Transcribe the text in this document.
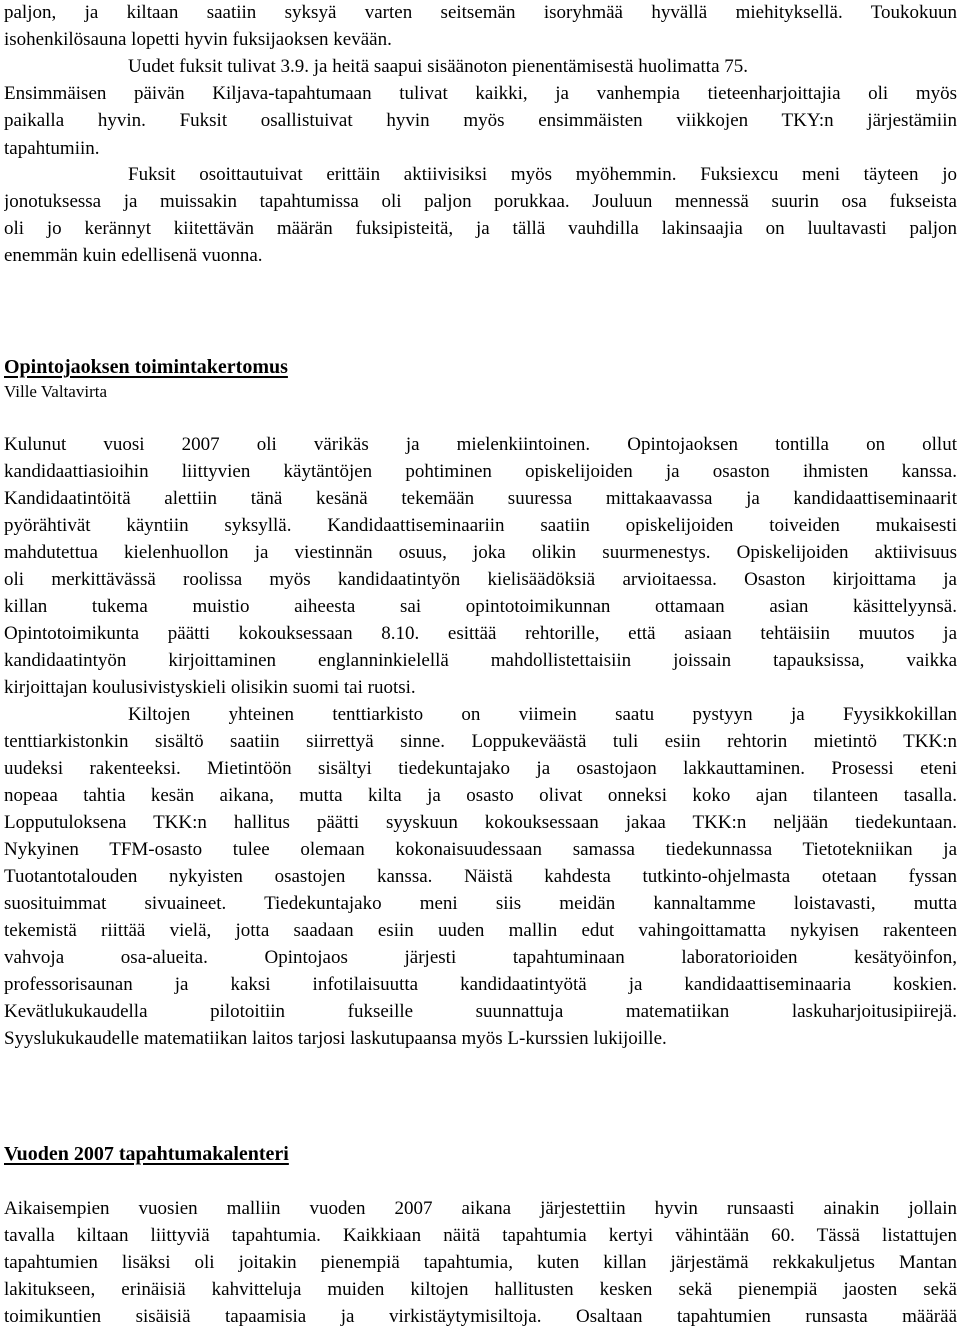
paljon, ja kiltaan saatiin syksyä varten seitsemän isoryhmää hyvällä miehityksellä. Toukokuun
isohenkilösauna lopetti hyvin fuksijaoksen kevään.
Uudet fuksit tulivat 3.9. ja heitä saapui sisäänoton pienentämisestä huolimatta 75.
Ensimmäisen päivän Kiljava-tapahtumaan tulivat kaikki, ja vanhempia tieteenharjoittajia oli myös
paikalla hyvin. Fuksit osallistuivat hyvin myös ensimmäisten viikkojen TKY:n järjestämiin
tapahtumiin.
Fuksit osoittautuivat erittäin aktiivisiksi myös myöhemmin. Fuksiexcu meni täyteen jo
jonotuksessa ja muissakin tapahtumissa oli paljon porukkaa. Jouluun mennessä suurin osa fukseista
oli jo kerännyt kiitettävän määrän fuksipisteitä, ja tällä vauhdilla lakinsaajia on luultavasti paljon
enemmän kuin edellisenä vuonna.
Opintojaoksen toimintakertomus
Ville Valtavirta
Kulunut vuosi 2007 oli värikäs ja mielenkiintoinen. Opintojaoksen tontilla on ollut
kandidaattiasioihin liittyvien käytäntöjen pohtiminen opiskelijoiden ja osaston ihmisten kanssa.
Kandidaatintöitä alettiin tänä kesänä tekemään suuressa mittakaavassa ja kandidaattiseminaarit
pyörähtivät käyntiin syksyllä. Kandidaattiseminaariin saatiin opiskelijoiden toiveiden mukaisesti
mahdutettua kielenhuollon ja viestinnän osuus, joka olikin suurmenestys. Opiskelijoiden aktiivisuus
oli merkittävässä roolissa myös kandidaatintyön kielisäädöksiä arvioitaessa. Osaston kirjoittama ja
killan tukema muistio aiheesta sai opintotoimikunnan ottamaan asian käsittelyynsä.
Opintotoimikunta päätti kokouksessaan 8.10. esittää rehtorille, että asiaan tehtäisiin muutos ja
kandidaatintyön kirjoittaminen englanninkielellä mahdollistettaisiin joissain tapauksissa, vaikka
kirjoittajan koulusivistyskieli olisikin suomi tai ruotsi.
Kiltojen yhteinen tenttiarkisto on viimein saatu pystyyn ja Fyysikkokillan
tenttiarkistonkin sisältö saatiin siirrettyä sinne. Loppukeväästä tuli esiin rehtorin mietintö TKK:n
uudeksi rakenteeksi. Mietintöön sisältyi tiedekuntajako ja osastojaon lakkauttaminen. Prosessi eteni
nopeaa tahtia kesän aikana, mutta kilta ja osasto olivat onneksi koko ajan tilanteen tasalla.
Lopputuloksena TKK:n hallitus päätti syyskuun kokouksessaan jakaa TKK:n neljään tiedekuntaan.
Nykyinen TFM-osasto tulee olemaan kokonaisuudessaan samassa tiedekunnassa Tietotekniikan ja
Tuotantotalouden nykyisten osastojen kanssa. Näistä kahdesta tutkinto-ohjelmasta otetaan fyssan
suosituimmat sivuaineet. Tiedekuntajako meni siis meidän kannaltamme loistavasti, mutta
tekemistä riittää vielä, jotta saadaan esiin uuden mallin edut vahingoittamatta nykyisen rakenteen
vahvoja osa-alueita. Opintojaos järjesti tapahtuminaan laboratorioiden kesätyöinfon,
professorisaunan ja kaksi infotilaisuutta kandidaatintyötä ja kandidaattiseminaaria koskien.
Kevätlukukaudella pilotoitiin fukseille suunnattuja matematiikan laskuharjoitusipiirejä.
Syyslukukaudelle matematiikan laitos tarjosi laskutupaansa myös L-kurssien lukijoille.
Vuoden 2007 tapahtumakalenteri
Aikaisempien vuosien malliin vuoden 2007 aikana järjestettiin hyvin runsaasti ainakin jollain
tavalla kiltaan liittyviä tapahtumia. Kaikkiaan näitä tapahtumia kertyi vähintään 60. Tässä listattujen
tapahtumien lisäksi oli joitakin pienempiä tapahtumia, kuten killan järjestämä rekkakuljetus Mantan
lakitukseen, erinäisiä kahvitteluja muiden kiltojen hallitusten kesken sekä pienempiä jaosten sekä
toimikuntien sisäisiä tapaamisia ja virkistäytymisiltoja. Osaltaan tapahtumien runsasta määrää
